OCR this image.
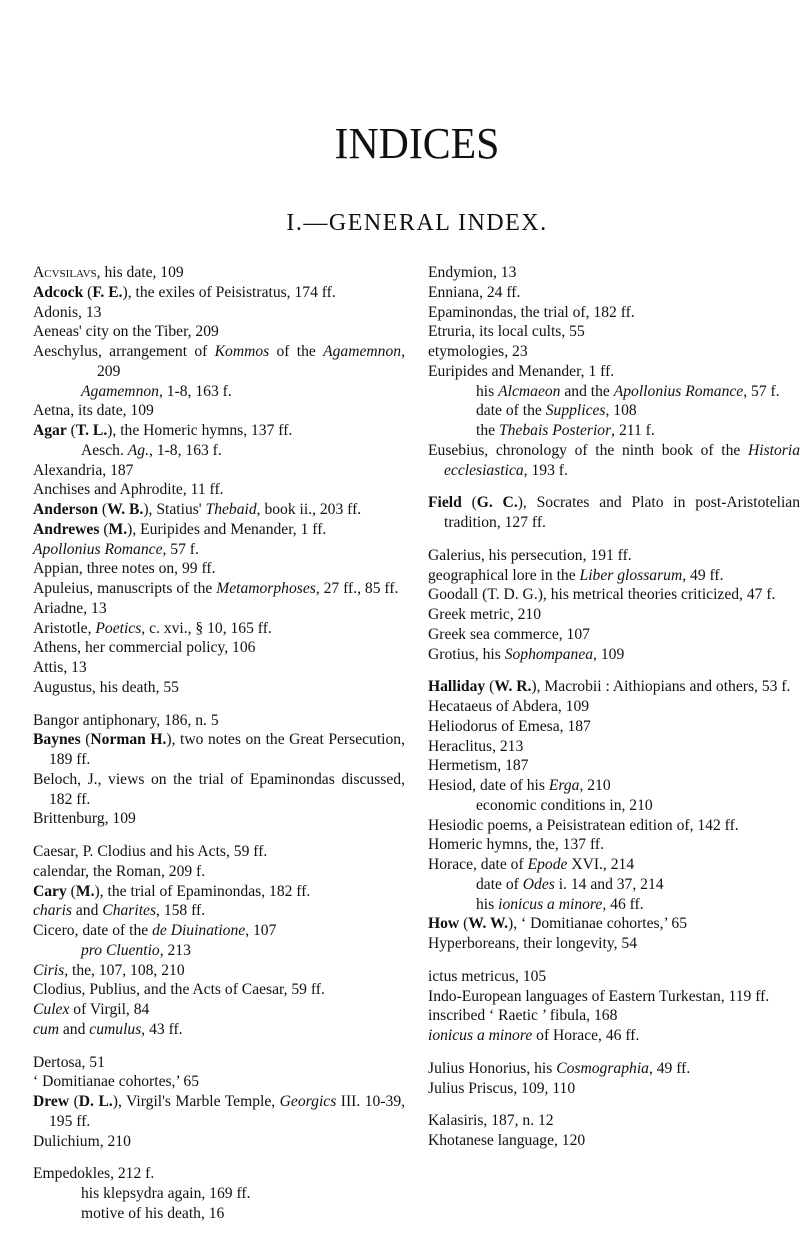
INDICES
I.—GENERAL INDEX.

Acvsilavs, his date, 109

Adcock (F. E.), the exiles of Peisistratus, 174 ff.

Adonis, 13

Aeneas' city on the Tiber, 209

Aeschylus, arrangement of Kommos of the Agamemnon, 209

Agamemnon, 1-8, 163 f.

Aetna, its date, 109

Agar (T. L.), the Homeric hymns, 137 ff.

Aesch. Ag., 1-8, 163 f.

Alexandria, 187

Anchises and Aphrodite, 11 ff.

Anderson (W. B.), Statius' Thebaid, book ii., 203 ff.

Andrewes (M.), Euripides and Menander, 1 ff.

Apollonius Romance, 57 f.

Appian, three notes on, 99 ff.

Apuleius, manuscripts of the Metamorphoses, 27 ff., 85 ff.

Ariadne, 13

Aristotle, Poetics, c. xvi., § 10, 165 ff.

Athens, her commercial policy, 106

Attis, 13

Augustus, his death, 55

Bangor antiphonary, 186, n. 5

Baynes (Norman H.), two notes on the Great Persecution, 189 ff.

Beloch, J., views on the trial of Epaminondas discussed, 182 ff.

Brittenburg, 109

Caesar, P. Clodius and his Acts, 59 ff.

calendar, the Roman, 209 f.

Cary (M.), the trial of Epaminondas, 182 ff.

charis and Charites, 158 ff.

Cicero, date of the de Diuinatione, 107

pro Cluentio, 213

Ciris, the, 107, 108, 210

Clodius, Publius, and the Acts of Caesar, 59 ff.

Culex of Virgil, 84

cum and cumulus, 43 ff.

Dertosa, 51

‘ Domitianae cohortes,’ 65

Drew (D. L.), Virgil's Marble Temple, Georgics III. 10-39, 195 ff.

Dulichium, 210

Empedokles, 212 f.

his klepsydra again, 169 ff.

motive of his death, 16

Endymion, 13

Enniana, 24 ff.

Epaminondas, the trial of, 182 ff.

Etruria, its local cults, 55

etymologies, 23

Euripides and Menander, 1 ff.

his Alcmaeon and the Apollonius Romance, 57 f.

date of the Supplices, 108

the Thebais Posterior, 211 f.

Eusebius, chronology of the ninth book of the Historia ecclesiastica, 193 f.

Field (G. C.), Socrates and Plato in post-Aristotelian tradition, 127 ff.

Galerius, his persecution, 191 ff.

geographical lore in the Liber glossarum, 49 ff.

Goodall (T. D. G.), his metrical theories criticized, 47 f.

Greek metric, 210

Greek sea commerce, 107

Grotius, his Sophompanea, 109

Halliday (W. R.), Macrobii : Aithiopians and others, 53 f.

Hecataeus of Abdera, 109

Heliodorus of Emesa, 187

Heraclitus, 213

Hermetism, 187

Hesiod, date of his Erga, 210

economic conditions in, 210

Hesiodic poems, a Peisistratean edition of, 142 ff.

Homeric hymns, the, 137 ff.

Horace, date of Epode XVI., 214

date of Odes i. 14 and 37, 214

his ionicus a minore, 46 ff.

How (W. W.), ‘ Domitianae cohortes,’ 65

Hyperboreans, their longevity, 54

ictus metricus, 105

Indo-European languages of Eastern Turkestan, 119 ff.

inscribed ‘ Raetic ’ fibula, 168

ionicus a minore of Horace, 46 ff.

Julius Honorius, his Cosmographia, 49 ff.

Julius Priscus, 109, 110

Kalasiris, 187, n. 12

Khotanese language, 120
